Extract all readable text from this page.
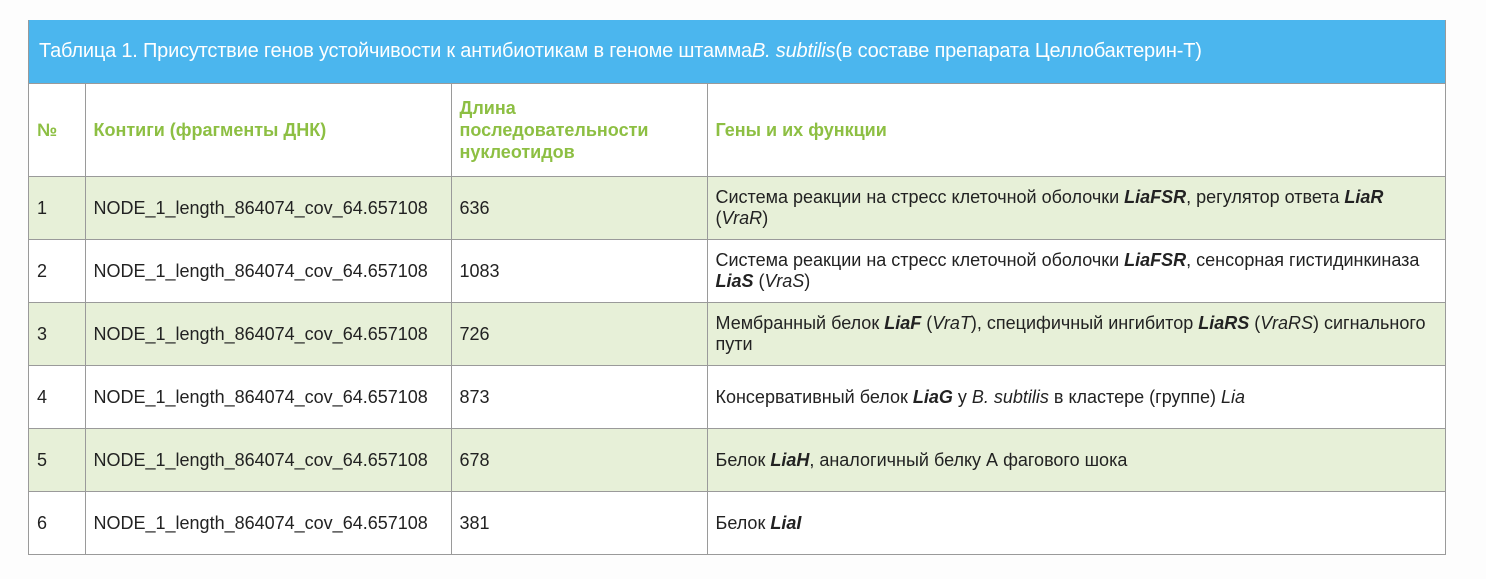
Таблица 1. Присутствие генов устойчивости к антибиотикам в геноме штамма B. subtilis (в составе препарата Целлобактерин-Т)
№	Контиги (фрагменты ДНК)	Длина
последовательности
нуклеотидов	Гены и их функции
1	NODE_1_length_864074_cov_64.657108	636	Система реакции на стресс клеточной оболочки LiaFSR, регулятор ответа LiaR (VraR)
2	NODE_1_length_864074_cov_64.657108	1083	Система реакции на стресс клеточной оболочки LiaFSR, сенсорная гистидинкиназа LiaS (VraS)
3	NODE_1_length_864074_cov_64.657108	726	Мембранный белок LiaF (VraT), специфичный ингибитор LiaRS (VraRS) сигнального пути
4	NODE_1_length_864074_cov_64.657108	873	Консервативный белок LiaG у B. subtilis в кластере (группе) Lia
5	NODE_1_length_864074_cov_64.657108	678	Белок LiaH, аналогичный белку А фагового шока
6	NODE_1_length_864074_cov_64.657108	381	Белок LiaI
